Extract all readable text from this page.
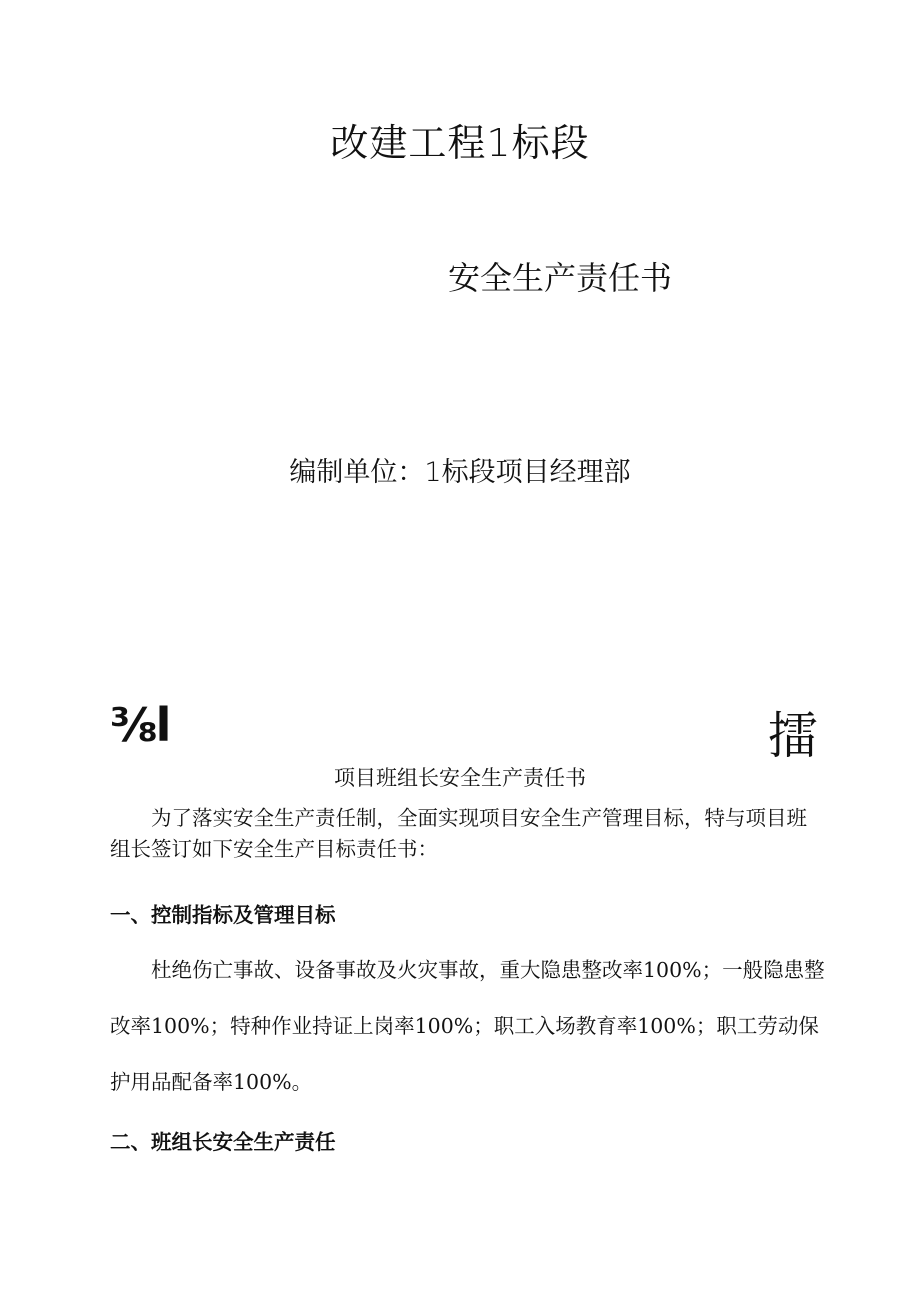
改建工程1标段
安全生产责任书
编制单位：1标段项目经理部
⅜l	擂
项目班组长安全生产责任书
为了落实安全生产责任制，全面实现项目安全生产管理目标，特与项目班组长签订如下安全生产目标责任书：
一、控制指标及管理目标
杜绝伤亡事故、设备事故及火灾事故，重大隐患整改率100%；一般隐患整改率100%；特种作业持证上岗率100%；职工入场教育率100%；职工劳动保护用品配备率100%。
二、班组长安全生产责任
